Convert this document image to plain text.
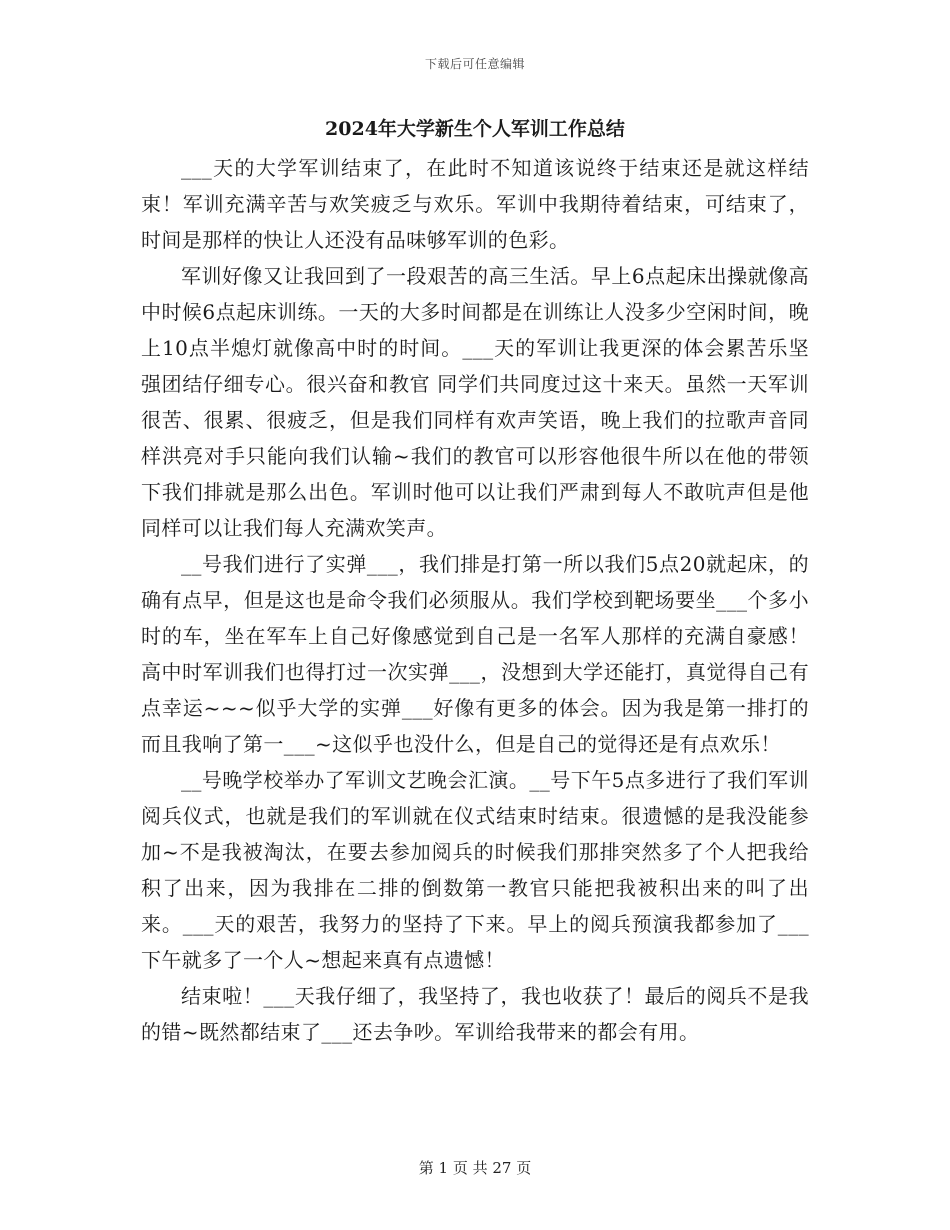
下载后可任意编辑
2024年大学新生个人军训工作总结

___天的大学军训结束了，在此时不知道该说终于结束还是就这样结束！军训充满辛苦与欢笑疲乏与欢乐。军训中我期待着结束，可结束了，时间是那样的快让人还没有品味够军训的色彩。

军训好像又让我回到了一段艰苦的高三生活。早上6点起床出操就像高中时候6点起床训练。一天的大多时间都是在训练让人没多少空闲时间，晚上10点半熄灯就像高中时的时间。___天的军训让我更深的体会累苦乐坚强团结仔细专心。很兴奋和教官 同学们共同度过这十来天。虽然一天军训很苦、很累、很疲乏，但是我们同样有欢声笑语，晚上我们的拉歌声音同样洪亮对手只能向我们认输~我们的教官可以形容他很牛所以在他的带领下我们排就是那么出色。军训时他可以让我们严肃到每人不敢吭声但是他同样可以让我们每人充满欢笑声。

__号我们进行了实弹___，我们排是打第一所以我们5点20就起床，的确有点早，但是这也是命令我们必须服从。我们学校到靶场要坐___个多小时的车，坐在军车上自己好像感觉到自己是一名军人那样的充满自豪感！高中时军训我们也得打过一次实弹___，没想到大学还能打，真觉得自己有点幸运~~~似乎大学的实弹___好像有更多的体会。因为我是第一排打的而且我响了第一___~这似乎也没什么，但是自己的觉得还是有点欢乐！

__号晚学校举办了军训文艺晚会汇演。__号下午5点多进行了我们军训阅兵仪式，也就是我们的军训就在仪式结束时结束。很遗憾的是我没能参加~不是我被淘汰，在要去参加阅兵的时候我们那排突然多了个人把我给积了出来，因为我排在二排的倒数第一教官只能把我被积出来的叫了出来。___天的艰苦，我努力的坚持了下来。早上的阅兵预演我都参加了___下午就多了一个人~想起来真有点遗憾！

结束啦！___天我仔细了，我坚持了，我也收获了！最后的阅兵不是我的错~既然都结束了___还去争吵。军训给我带来的都会有用。

第 1 页 共 27 页
